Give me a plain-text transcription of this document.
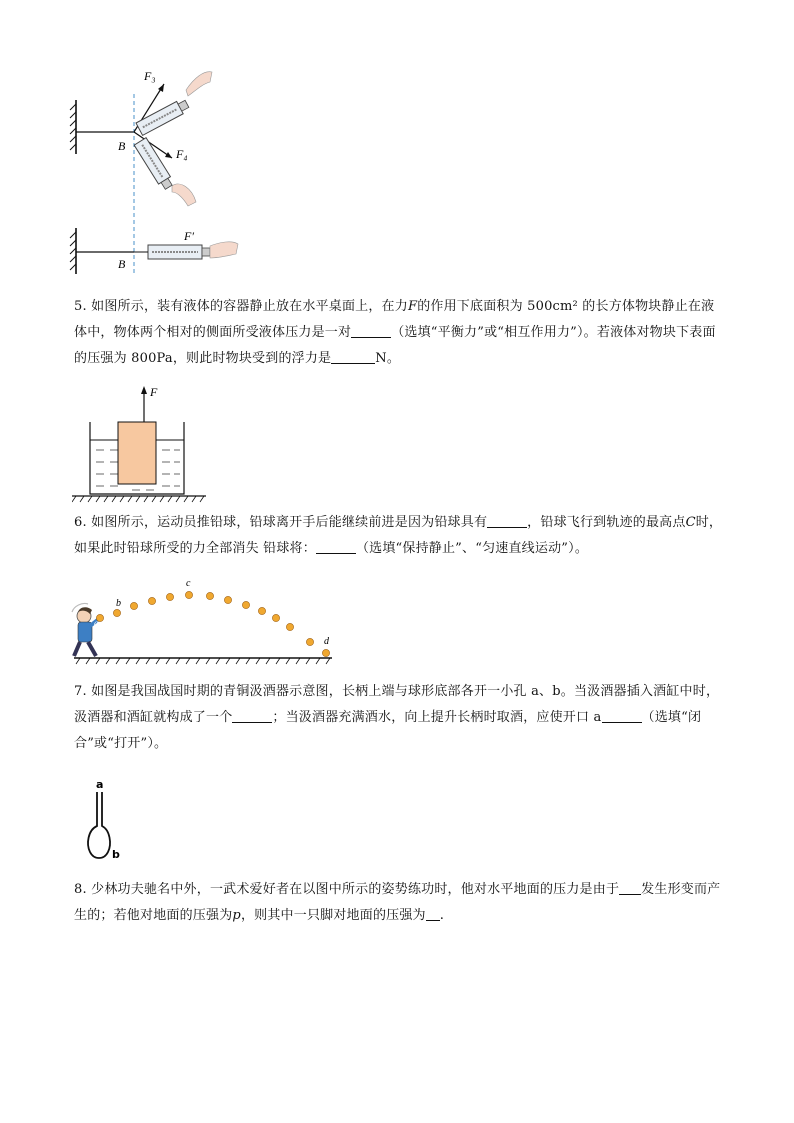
F₃
F₄
B
F′
B

5. 如图所示，装有液体的容器静止放在水平桌面上，在力F的作用下底面积为 500cm² 的长方体物块静止在液体中，物体两个相对的侧面所受液体压力是一对	（选填“平衡力”或“相互作用力”）。若液体对物块下表面的压强为 800Pa，则此时物块受到的浮力是	N。

F

6. 如图所示，运动员推铅球，铅球离开手后能继续前进是因为铅球具有	，铅球飞行到轨迹的最高点C时，如果此时铅球所受的力全部消失 铅球将：	（选填“保持静止”、“匀速直线运动”）。

a
b
c
d

7. 如图是我国战国时期的青铜汲酒器示意图，长柄上端与球形底部各开一小孔 a、b。当汲酒器插入酒缸中时，汲酒器和酒缸就构成了一个	；当汲酒器充满酒水，向上提升长柄时取酒，应使开口 a	（选填“闭合”或“打开”）。

a
b

8. 少林功夫驰名中外，一武术爱好者在以图中所示的姿势练功时，他对水平地面的压力是由于 发生形变而产生的；若他对地面的压强为p，则其中一只脚对地面的压强为 .
